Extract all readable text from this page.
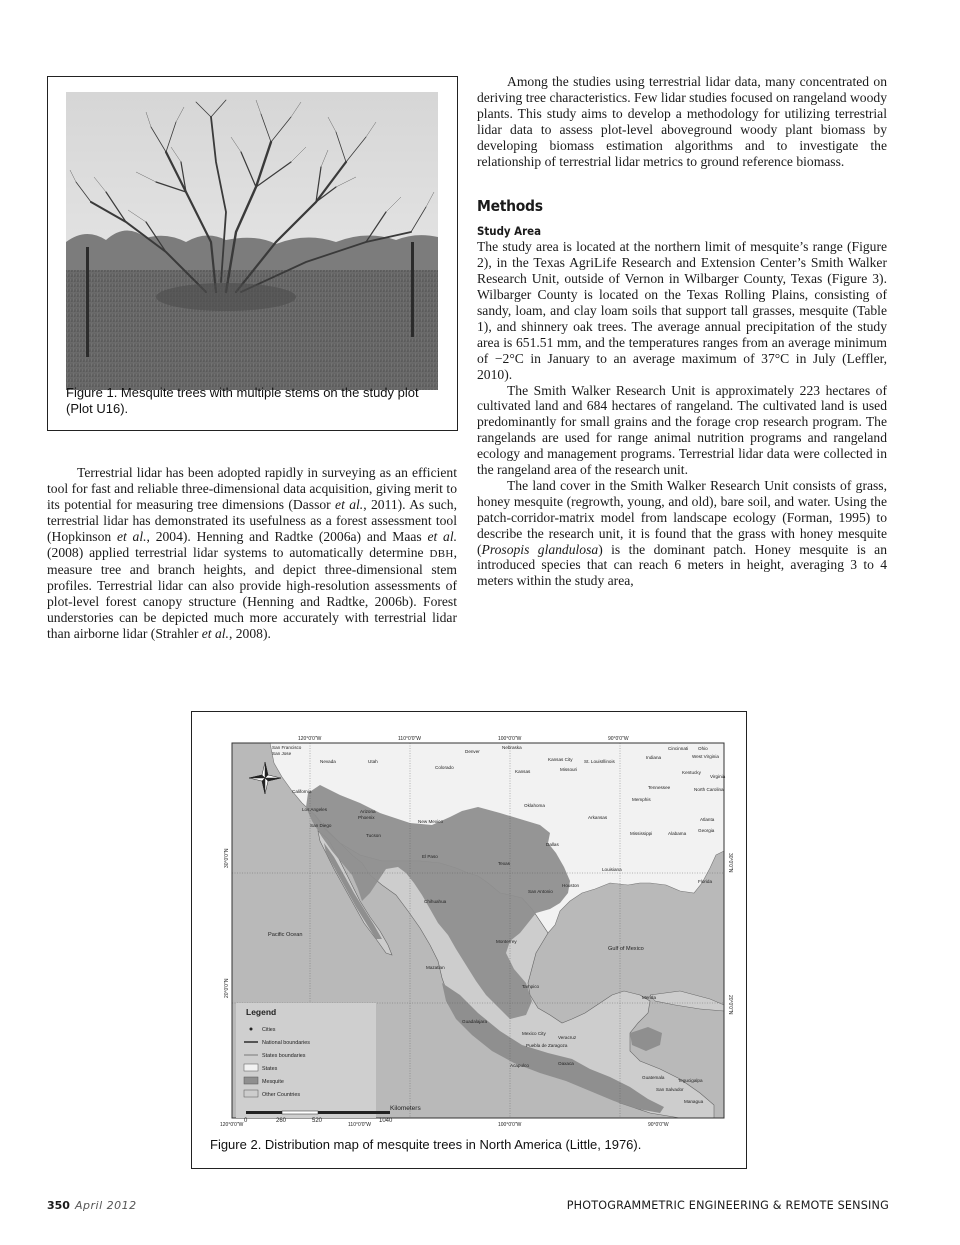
Figure 1. Mesquite trees with multiple stems on the study plot (Plot U16).

Terrestrial lidar has been adopted rapidly in surveying as an efficient tool for fast and reliable three-dimensional data acquisition, giving merit to its potential for measuring tree dimensions (Dassor et al., 2011). As such, terrestrial lidar has demonstrated its usefulness as a forest assessment tool (Hopkinson et al., 2004). Henning and Radtke (2006a) and Maas et al. (2008) applied terrestrial lidar systems to automatically determine DBH, measure tree and branch heights, and depict three-dimensional stem profiles. Terrestrial lidar can also provide high-resolution assessments of plot-level forest canopy structure (Henning and Radtke, 2006b). Forest understories can be depicted much more accurately with terrestrial lidar than airborne lidar (Strahler et al., 2008).

Among the studies using terrestrial lidar data, many concentrated on deriving tree characteristics. Few lidar studies focused on rangeland woody plants. This study aims to develop a methodology for utilizing terrestrial lidar data to assess plot-level aboveground woody plant biomass by developing biomass estimation algorithms and to investigate the relationship of terrestrial lidar metrics to ground reference biomass.

Methods
Study Area

The study area is located at the northern limit of mesquite’s range (Figure 2), in the Texas AgriLife Research and Extension Center’s Smith Walker Research Unit, outside of Vernon in Wilbarger County, Texas (Figure 3). Wilbarger County is located on the Texas Rolling Plains, consisting of sandy, loam, and clay loam soils that support tall grasses, mesquite (Table 1), and shinnery oak trees. The average annual precipitation of the study area is 651.51 mm, and the temperatures ranges from an average minimum of −2°C in January to an average maximum of 37°C in July (Leffler, 2010).

The Smith Walker Research Unit is approximately 223 hectares of cultivated land and 684 hectares of rangeland. The cultivated land is used predominantly for small grains and the forage crop research program. The rangelands are used for range animal nutrition programs and rangeland ecology and management programs. Terrestrial lidar data were collected in the rangeland area of the research unit.

The land cover in the Smith Walker Research Unit consists of grass, honey mesquite (regrowth, young, and old), bare soil, and water. Using the patch-corridor-matrix model from landscape ecology (Forman, 1995) to describe the research unit, it is found that the grass with honey mesquite (Prosopis glandulosa) is the dominant patch. Honey mesquite is an introduced species that can reach 6 meters in height, averaging 3 to 4 meters within the study area,

120°0'0"W	110°0'0"W	100°0'0"W	90°0'0"W
120°0'0"W	110°0'0"W	100°0'0"W	90°0'0"W
30°0'0"N
20°0'0"N
30°0'0"N
20°0'0"N
San Francisco
San Jose
Nevada	Utah
Colorado
Denver
Nebraska
Kansas
Kansas City St. Louis Illinois
Missouri
Indiana
Cincinnati Ohio
West Virginia
Kentucky
Virginia
California
Los Angeles
San Diego
Arizona
Phoenix
Tucson
New Mexico
Oklahoma
Arkansas
Tennessee	North Carolina
Memphis
Atlanta
Georgia
Alabama
Mississippi
Dallas
Texas
Louisiana
San Antonio
Houston
Florida
El Paso
Chihuahua
Monterrey
Mazatlan
Tampico
Merida
Guadalajara
Mexico City
Puebla de Zaragoza
Veracruz
Acapulco	Oaxaca
Guatemala
Tegucigalpa
San Salvador
Managua
Pacific Ocean
Gulf of Mexico
Legend
Cities
National boundaries
States boundaries
States
Mesquite
Other Countries
Kilometers
0	260	520	1040
Figure 2. Distribution map of mesquite trees in North America (Little, 1976).
350 April 2012	PHOTOGRAMMETRIC ENGINEERING & REMOTE SENSING
